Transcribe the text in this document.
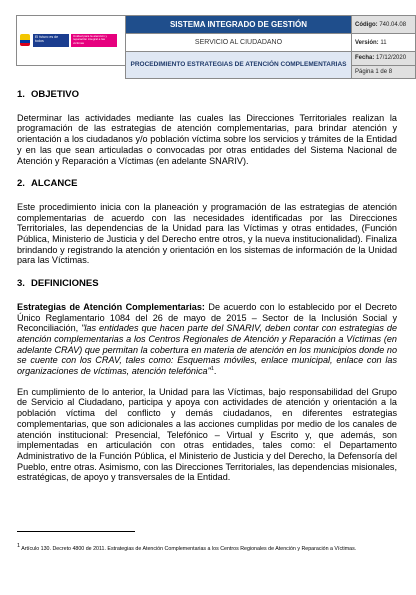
El futuro es de todos
Unidad para la atención y reparación integral a las víctimas	SISTEMA INTEGRADO DE GESTIÓN	Código: 740.04.08
	SERVICIO AL CIUDADANO	Versión: 11
	PROCEDIMIENTO ESTRATEGIAS DE ATENCIÓN COMPLEMENTARIAS	Fecha: 17/12/2020
		Página 1 de 8
1. OBJETIVO

Determinar las actividades mediante las cuales las Direcciones Territoriales realizan la programación de las estrategias de atención complementarias, para brindar atención y orientación a los ciudadanos y/o población víctima sobre los servicios y trámites de la Entidad y en las que sean articuladas o convocadas por otras entidades del Sistema Nacional de Atención y Reparación a Víctimas (en adelante SNARIV).

2. ALCANCE

Este procedimiento inicia con la planeación y programación de las estrategias de atención complementarias de acuerdo con las necesidades identificadas por las Direcciones Territoriales, las dependencias de la Unidad para las Víctimas y otras entidades, (Función Pública, Ministerio de Justicia y del Derecho entre otros, y la nueva institucionalidad). Finaliza brindando y registrando la atención y orientación en los sistemas de información de la Unidad para las Víctimas.

3. DEFINICIONES

Estrategias de Atención Complementarias: De acuerdo con lo establecido por el Decreto Único Reglamentario 1084 del 26 de mayo de 2015 – Sector de la Inclusión Social y Reconciliación, "las entidades que hacen parte del SNARIV, deben contar con estrategias de atención complementarias a los Centros Regionales de Atención y Reparación a Víctimas (en adelante CRAV) que permitan la cobertura en materia de atención en los municipios donde no se cuente con los CRAV, tales como: Esquemas móviles, enlace municipal, enlace con las organizaciones de víctimas, atención telefónica"$^1$.

En cumplimiento de lo anterior, la Unidad para las Víctimas, bajo responsabilidad del Grupo de Servicio al Ciudadano, participa y apoya con actividades de atención y orientación a la población víctima del conflicto y demás ciudadanos, en diferentes estrategias complementarias, que son adicionales a las acciones cumplidas por medio de los canales de atención institucional: Presencial, Telefónico – Virtual y Escrito y, que además, son implementadas en articulación con otras entidades, tales como: el Departamento Administrativo de la Función Pública, el Ministerio de Justicia y del Derecho, la Defensoría del Pueblo, entre otras. Asimismo, con las Direcciones Territoriales, las dependencias misionales, estratégicas, de apoyo y transversales de la Entidad.

$^1$ Artículo 130. Decreto 4800 de 2011. Estrategias de Atención Complementarias a los Centros Regionales de Atención y Reparación a Víctimas.
